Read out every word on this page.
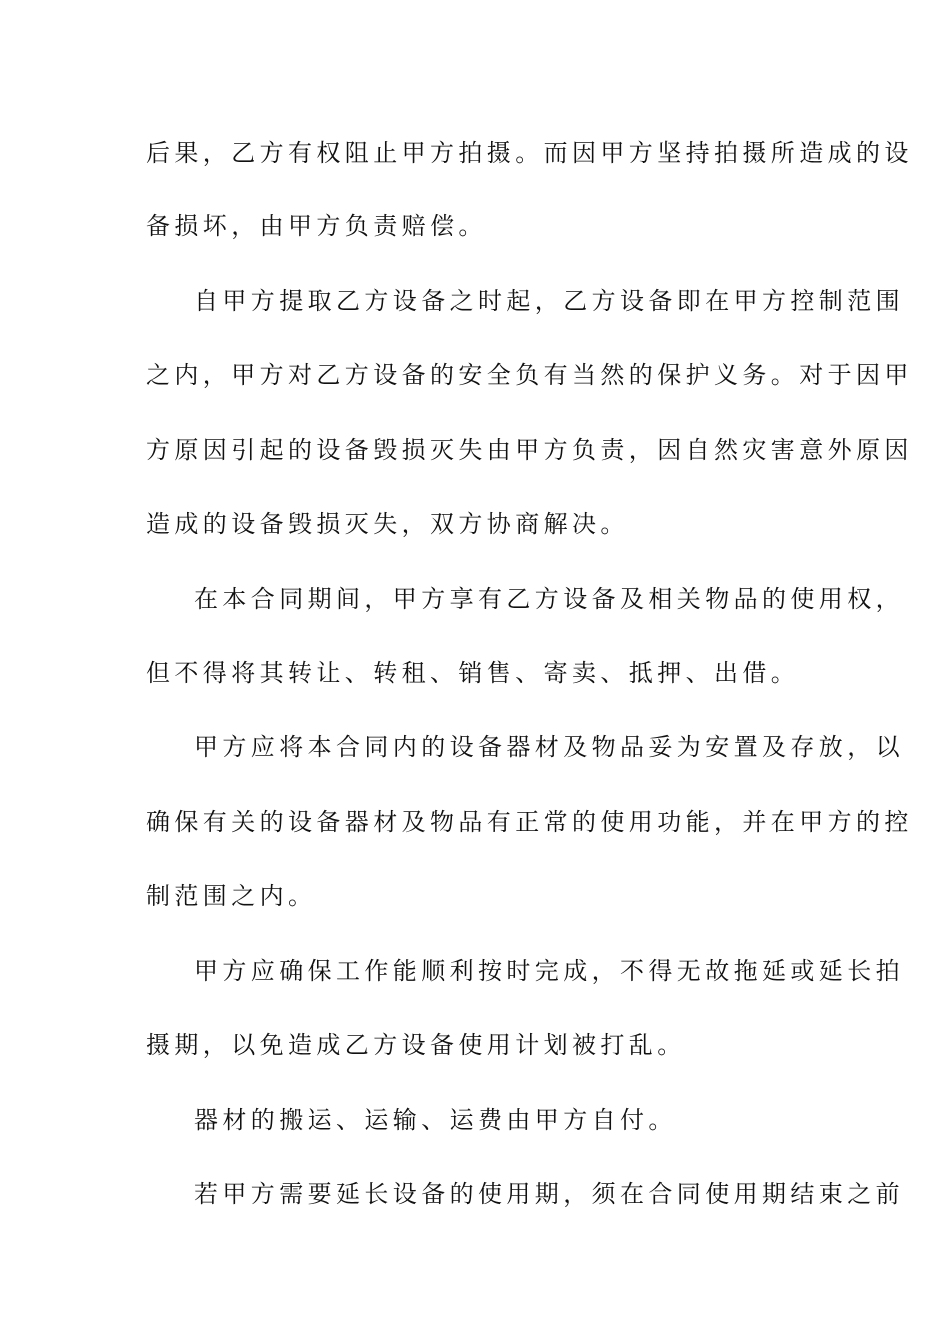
后果，乙方有权阻止甲方拍摄。而因甲方坚持拍摄所造成的设
备损坏，由甲方负责赔偿。
自甲方提取乙方设备之时起，乙方设备即在甲方控制范围
之内，甲方对乙方设备的安全负有当然的保护义务。对于因甲
方原因引起的设备毁损灭失由甲方负责，因自然灾害意外原因
造成的设备毁损灭失，双方协商解决。
在本合同期间，甲方享有乙方设备及相关物品的使用权，
但不得将其转让、转租、销售、寄卖、抵押、出借。
甲方应将本合同内的设备器材及物品妥为安置及存放，以
确保有关的设备器材及物品有正常的使用功能，并在甲方的控
制范围之内。
甲方应确保工作能顺利按时完成，不得无故拖延或延长拍
摄期，以免造成乙方设备使用计划被打乱。
器材的搬运、运输、运费由甲方自付。
若甲方需要延长设备的使用期，须在合同使用期结束之前
